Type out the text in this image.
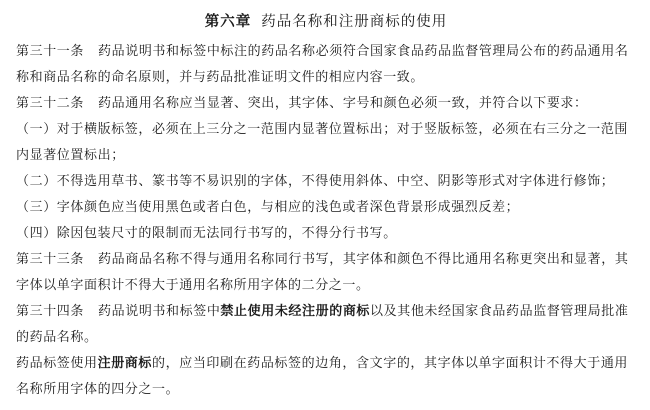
第六章 药品名称和注册商标的使用

第三十一条 药品说明书和标签中标注的药品名称必须符合国家食品药品监督管理局公布的药品通用名称和商品名称的命名原则，并与药品批准证明文件的相应内容一致。

第三十二条 药品通用名称应当显著、突出，其字体、字号和颜色必须一致，并符合以下要求：

（一）对于横版标签，必须在上三分之一范围内显著位置标出；对于竖版标签，必须在右三分之一范围内显著位置标出；

（二）不得选用草书、篆书等不易识别的字体，不得使用斜体、中空、阴影等形式对字体进行修饰；

（三）字体颜色应当使用黑色或者白色，与相应的浅色或者深色背景形成强烈反差；

（四）除因包装尺寸的限制而无法同行书写的，不得分行书写。

第三十三条 药品商品名称不得与通用名称同行书写，其字体和颜色不得比通用名称更突出和显著，其字体以单字面积计不得大于通用名称所用字体的二分之一。

第三十四条 药品说明书和标签中禁止使用未经注册的商标以及其他未经国家食品药品监督管理局批准的药品名称。

药品标签使用注册商标的，应当印刷在药品标签的边角，含文字的，其字体以单字面积计不得大于通用名称所用字体的四分之一。
